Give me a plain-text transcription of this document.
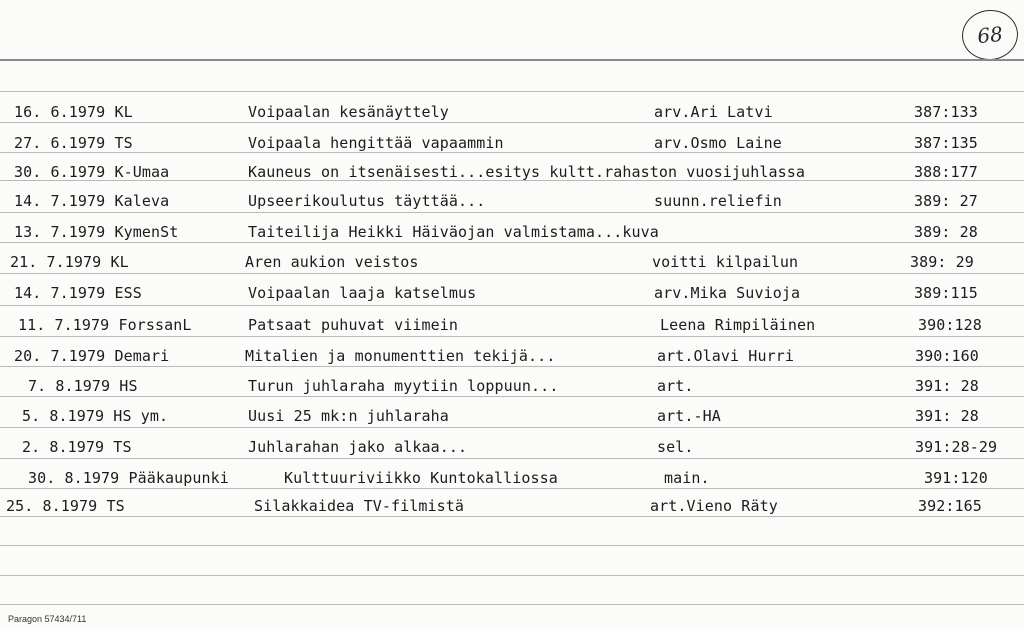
68
16. 6.1979 KL	Voipaalan kesänäyttely	arv.Ari Latvi	387:133
27. 6.1979 TS	Voipaala hengittää vapaammin	arv.Osmo Laine	387:135
30. 6.1979 K-Umaa	Kauneus on itsenäisesti...esitys kultt.rahaston vuosijuhlassa	388:177
14. 7.1979 Kaleva	Upseerikoulutus täyttää...	suunn.reliefin	389: 27
13. 7.1979 KymenSt	Taiteilija Heikki Häiväojan valmistama...kuva	389: 28
21. 7.1979 KL	Aren aukion veistos	voitti kilpailun	389: 29
14. 7.1979 ESS	Voipaalan laaja katselmus	arv.Mika Suvioja	389:115
11. 7.1979 ForssanL	Patsaat puhuvat viimein	Leena Rimpiläinen	390:128
20. 7.1979 Demari	Mitalien ja monumenttien tekijä...	art.Olavi Hurri	390:160
7. 8.1979 HS	Turun juhlaraha myytiin loppuun...	art.	391: 28
5. 8.1979 HS ym.	Uusi 25 mk:n juhlaraha	art.-HA	391: 28
2. 8.1979 TS	Juhlarahan jako alkaa...	sel.	391:28-29
30. 8.1979 Pääkaupunki	Kulttuuriviikko Kuntokalliossa	main.	391:120
25. 8.1979 TS	Silakkaidea TV-filmistä	art.Vieno Räty	392:165
Paragon 57434/711
